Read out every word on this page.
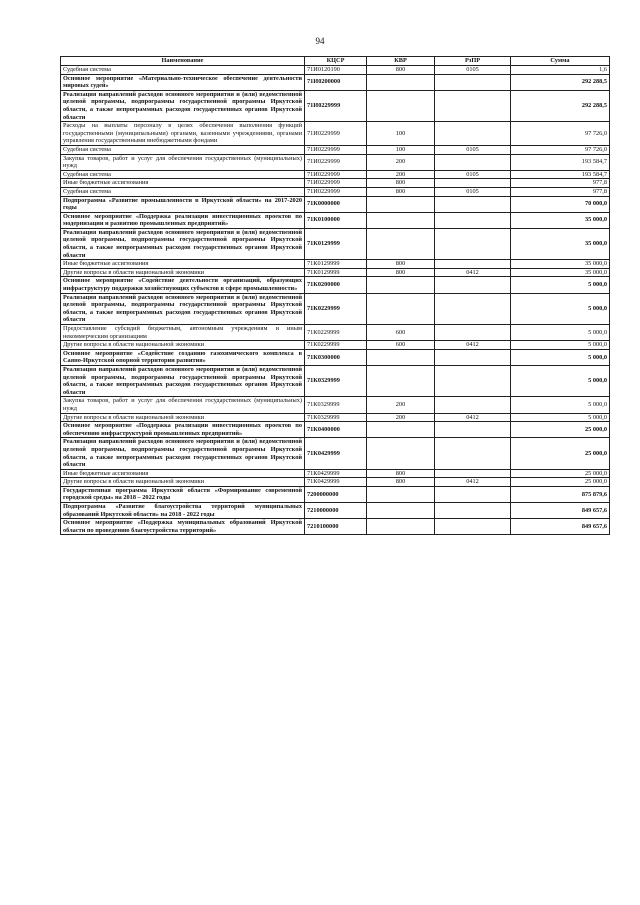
94
Наименование	КЦСР	КВР	РзПР	Сумма
Судебная система	71И0120190	800	0105	1,6
Основное мероприятие «Материально-техническое обеспечение деятельности мировых судей»	71И0200000			292 288,5
Реализация направлений расходов основного мероприятия и (или) ведомственной целевой программы, подпрограммы государственной программы Иркутской области, а также непрограммных расходов государственных органов Иркутской области	71И0229999			292 288,5
Расходы на выплаты персоналу в целях обеспечения выполнения функций государственными (муниципальными) органами, казенными учреждениями, органами управления государственными внебюджетными фондами	71И0229999	100		97 726,0
Судебная система	71И0229999	100	0105	97 726,0
Закупка товаров, работ и услуг для обеспечения государственных (муниципальных) нужд	71И0229999	200		193 584,7
Судебная система	71И0229999	200	0105	193 584,7
Иные бюджетные ассигнования	71И0229999	800		977,8
Судебная система	71И0229999	800	0105	977,8
Подпрограмма «Развитие промышленности в Иркутской области» на 2017-2020 годы	71К0000000			70 000,0
Основное мероприятие «Поддержка реализации инвестиционных проектов по модернизации и развитию промышленных предприятий»	71К0100000			35 000,0
Реализация направлений расходов основного мероприятия и (или) ведомственной целевой программы, подпрограммы государственной программы Иркутской области, а также непрограммных расходов государственных органов Иркутской области	71К0129999			35 000,0
Иные бюджетные ассигнования	71К0129999	800		35 000,0
Другие вопросы в области национальной экономики	71К0129999	800	0412	35 000,0
Основное мероприятие «Содействие деятельности организаций, образующих инфраструктуру поддержки хозяйствующих субъектов в сфере промышленности»	71К0200000			5 000,0
Реализация направлений расходов основного мероприятия и (или) ведомственной целевой программы, подпрограммы государственной программы Иркутской области, а также непрограммных расходов государственных органов Иркутской области	71К0229999			5 000,0
Предоставление субсидий бюджетным, автономным учреждениям и иным некоммерческим организациям	71К0229999	600		5 000,0
Другие вопросы в области национальной экономики	71К0229999	600	0412	5 000,0
Основное мероприятие «Содействие созданию газохимического комплекса в Саяно-Иркутской опорной территории развития»	71К0300000			5 000,0
Реализация направлений расходов основного мероприятия и (или) ведомственной целевой программы, подпрограммы государственной программы Иркутской области, а также непрограммных расходов государственных органов Иркутской области	71К0329999			5 000,0
Закупка товаров, работ и услуг для обеспечения государственных (муниципальных) нужд	71К0329999	200		5 000,0
Другие вопросы в области национальной экономики	71К0329999	200	0412	5 000,0
Основное мероприятие «Поддержка реализации инвестиционных проектов по обеспечению инфраструктурой промышленных предприятий»	71К0400000			25 000,0
Реализация направлений расходов основного мероприятия и (или) ведомственной целевой программы, подпрограммы государственной программы Иркутской области, а также непрограммных расходов государственных органов Иркутской области	71К0429999			25 000,0
Иные бюджетные ассигнования	71К0429999	800		25 000,0
Другие вопросы в области национальной экономики	71К0429999	800	0412	25 000,0
Государственная программа Иркутской области «Формирование современной городской среды» на 2018 – 2022 годы	7200000000			875 879,6
Подпрограмма «Развитие благоустройства территорий муниципальных образований Иркутской области» на 2018 - 2022 годы	7210000000			849 657,6
Основное мероприятие «Поддержка муниципальных образований Иркутской области по проведению благоустройства территорий»	7210100000			849 657,6
